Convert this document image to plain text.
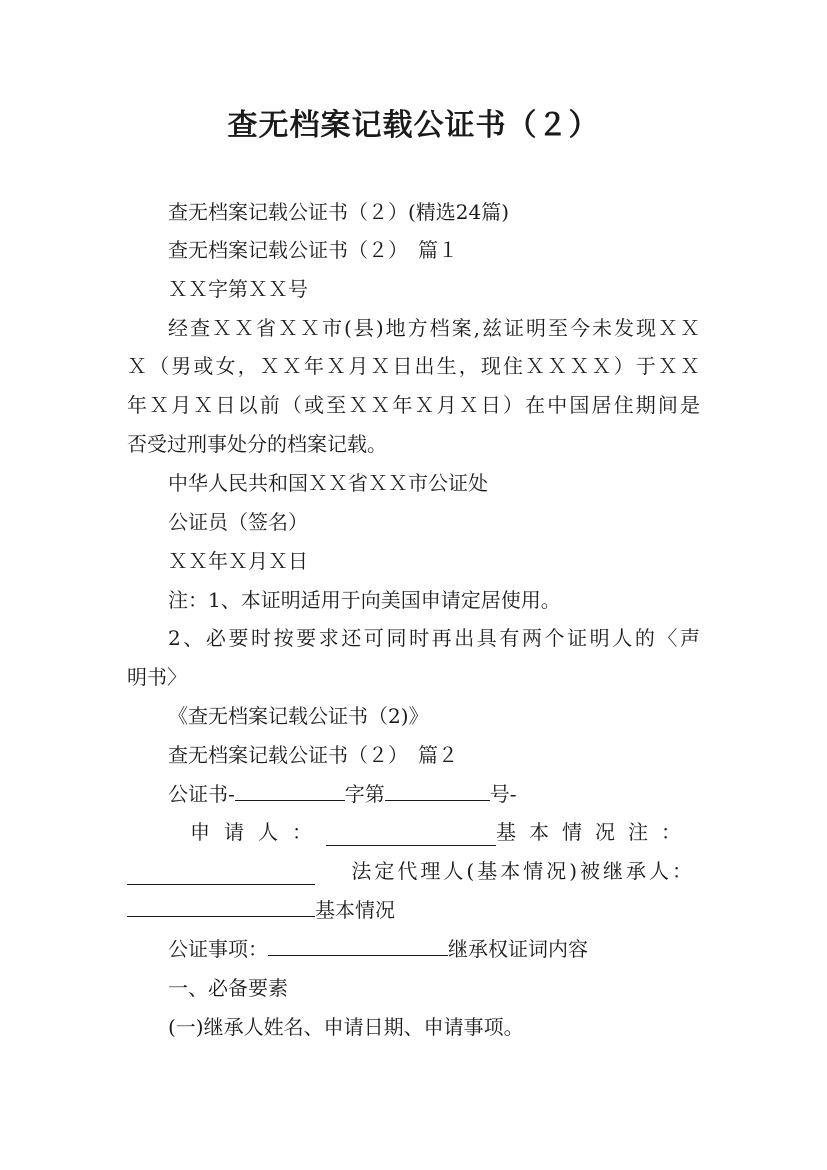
查无档案记载公证书（２）
查无档案记载公证书（２）(精选24篇)
查无档案记载公证书（２）　篇１
ＸＸ字第ＸＸ号
经查ＸＸ省ＸＸ市(县)地方档案,兹证明至今未发现ＸＸ
Ｘ（男或女，ＸＸ年Ｘ月Ｘ日出生，现住ＸＸＸＸ）于ＸＸ
年Ｘ月Ｘ日以前（或至ＸＸ年Ｘ月Ｘ日）在中国居住期间是
否受过刑事处分的档案记载。
中华人民共和国ＸＸ省ＸＸ市公证处
公证员（签名）
ＸＸ年Ｘ月Ｘ日
注：1、本证明适用于向美国申请定居使用。
2、必要时按要求还可同时再出具有两个证明人的〈声
明书〉
《查无档案记载公证书（2)》
查无档案记载公证书（２）　篇２
公证书-	字第	号-
申请人：	基本情况注：
法定代理人(基本情况)被继承人：
基本情况
公证事项：	继承权证词内容
一、必备要素
(一)继承人姓名、申请日期、申请事项。
